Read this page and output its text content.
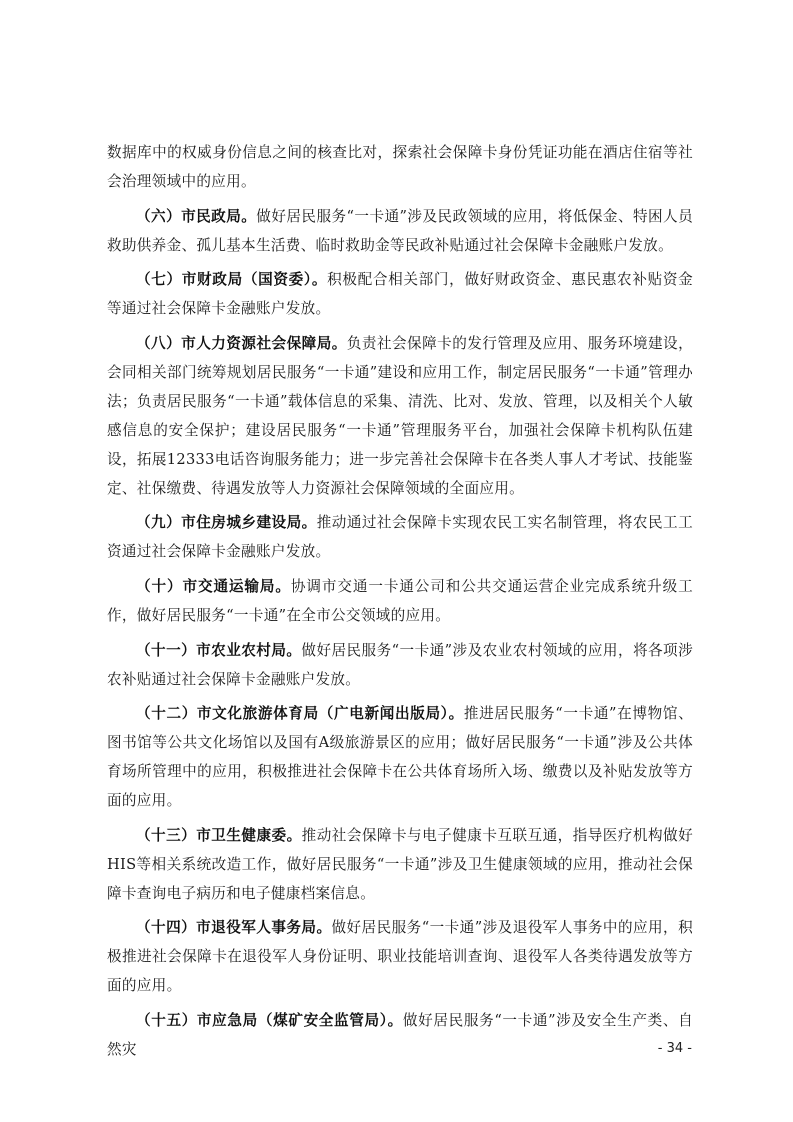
数据库中的权威身份信息之间的核查比对，探索社会保障卡身份凭证功能在酒店住宿等社会治理领域中的应用。

（六）市民政局。做好居民服务“一卡通”涉及民政领域的应用，将低保金、特困人员救助供养金、孤儿基本生活费、临时救助金等民政补贴通过社会保障卡金融账户发放。

（七）市财政局（国资委）。积极配合相关部门，做好财政资金、惠民惠农补贴资金等通过社会保障卡金融账户发放。

（八）市人力资源社会保障局。负责社会保障卡的发行管理及应用、服务环境建设，会同相关部门统筹规划居民服务“一卡通”建设和应用工作，制定居民服务“一卡通”管理办法；负责居民服务“一卡通”载体信息的采集、清洗、比对、发放、管理，以及相关个人敏感信息的安全保护；建设居民服务“一卡通”管理服务平台，加强社会保障卡机构队伍建设，拓展12333电话咨询服务能力；进一步完善社会保障卡在各类人事人才考试、技能鉴定、社保缴费、待遇发放等人力资源社会保障领域的全面应用。

（九）市住房城乡建设局。推动通过社会保障卡实现农民工实名制管理，将农民工工资通过社会保障卡金融账户发放。

（十）市交通运输局。协调市交通一卡通公司和公共交通运营企业完成系统升级工作，做好居民服务“一卡通”在全市公交领域的应用。

（十一）市农业农村局。做好居民服务“一卡通”涉及农业农村领域的应用，将各项涉农补贴通过社会保障卡金融账户发放。

（十二）市文化旅游体育局（广电新闻出版局）。推进居民服务“一卡通”在博物馆、图书馆等公共文化场馆以及国有A级旅游景区的应用；做好居民服务“一卡通”涉及公共体育场所管理中的应用，积极推进社会保障卡在公共体育场所入场、缴费以及补贴发放等方面的应用。

（十三）市卫生健康委。推动社会保障卡与电子健康卡互联互通，指导医疗机构做好HIS等相关系统改造工作，做好居民服务“一卡通”涉及卫生健康领域的应用，推动社会保障卡查询电子病历和电子健康档案信息。

（十四）市退役军人事务局。做好居民服务“一卡通”涉及退役军人事务中的应用，积极推进社会保障卡在退役军人身份证明、职业技能培训查询、退役军人各类待遇发放等方面的应用。

（十五）市应急局（煤矿安全监管局）。做好居民服务“一卡通”涉及安全生产类、自然灾	- 34 -
